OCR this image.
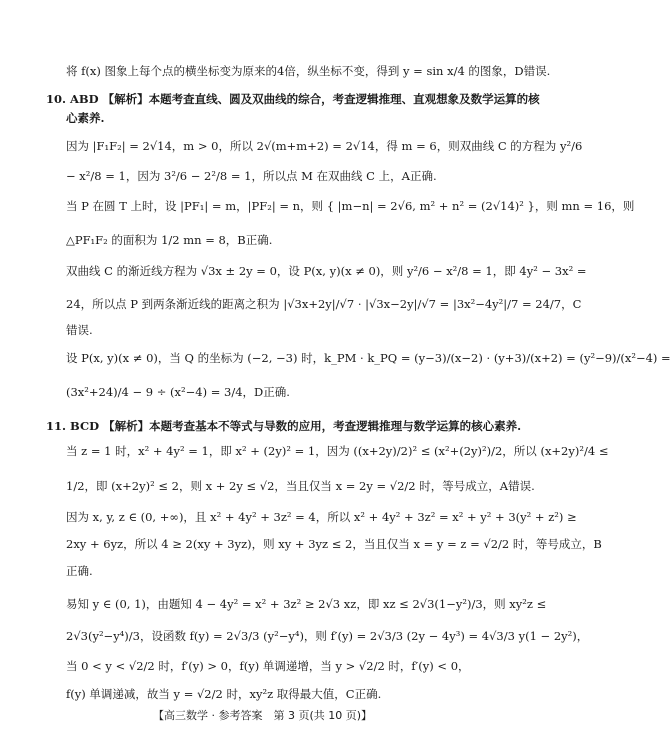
将 f(x) 图象上每个点的横坐标变为原来的4倍，纵坐标不变，得到 y = sin x/4 的图象，D错误.
10. ABD 【解析】本题考查直线、圆及双曲线的综合，考查逻辑推理、直观想象及数学运算的核
心素养.
因为 |F₁F₂| = 2√14，m > 0，所以 2√(m+m+2) = 2√14，得 m = 6，则双曲线 C 的方程为 y²/6
− x²/8 = 1，因为 3²/6 − 2²/8 = 1，所以点 M 在双曲线 C 上，A正确.
当 P 在圆 T 上时，设 |PF₁| = m，|PF₂| = n，则 { |m−n| = 2√6, m² + n² = (2√14)² }，则 mn = 16，则
△PF₁F₂ 的面积为 1/2 mn = 8，B正确.
双曲线 C 的渐近线方程为 √3x ± 2y = 0，设 P(x, y)(x ≠ 0)，则 y²/6 − x²/8 = 1，即 4y² − 3x² =
24，所以点 P 到两条渐近线的距离之积为 |√3x+2y|/√7 · |√3x−2y|/√7 = |3x²−4y²|/7 = 24/7，C
错误.
设 P(x, y)(x ≠ 0)，当 Q 的坐标为 (−2, −3) 时，k_PM · k_PQ = (y−3)/(x−2) · (y+3)/(x+2) = (y²−9)/(x²−4) =
(3x²+24)/4 − 9 ÷ (x²−4) = 3/4，D正确.
11. BCD 【解析】本题考查基本不等式与导数的应用，考查逻辑推理与数学运算的核心素养.
当 z = 1 时，x² + 4y² = 1，即 x² + (2y)² = 1，因为 ((x+2y)/2)² ≤ (x²+(2y)²)/2，所以 (x+2y)²/4 ≤
1/2，即 (x+2y)² ≤ 2，则 x + 2y ≤ √2，当且仅当 x = 2y = √2/2 时，等号成立，A错误.
因为 x, y, z ∈ (0, +∞)，且 x² + 4y² + 3z² = 4，所以 x² + 4y² + 3z² = x² + y² + 3(y² + z²) ≥
2xy + 6yz，所以 4 ≥ 2(xy + 3yz)，则 xy + 3yz ≤ 2，当且仅当 x = y = z = √2/2 时，等号成立，B
正确.
易知 y ∈ (0, 1)，由题知 4 − 4y² = x² + 3z² ≥ 2√3 xz，即 xz ≤ 2√3(1−y²)/3，则 xy²z ≤
2√3(y²−y⁴)/3，设函数 f(y) = 2√3/3 (y²−y⁴)，则 f′(y) = 2√3/3 (2y − 4y³) = 4√3/3 y(1 − 2y²)，
当 0 < y < √2/2 时，f′(y) > 0，f(y) 单调递增，当 y > √2/2 时，f′(y) < 0，
f(y) 单调递减，故当 y = √2/2 时，xy²z 取得最大值，C正确.
【高三数学 · 参考答案　第 3 页(共 10 页)】
